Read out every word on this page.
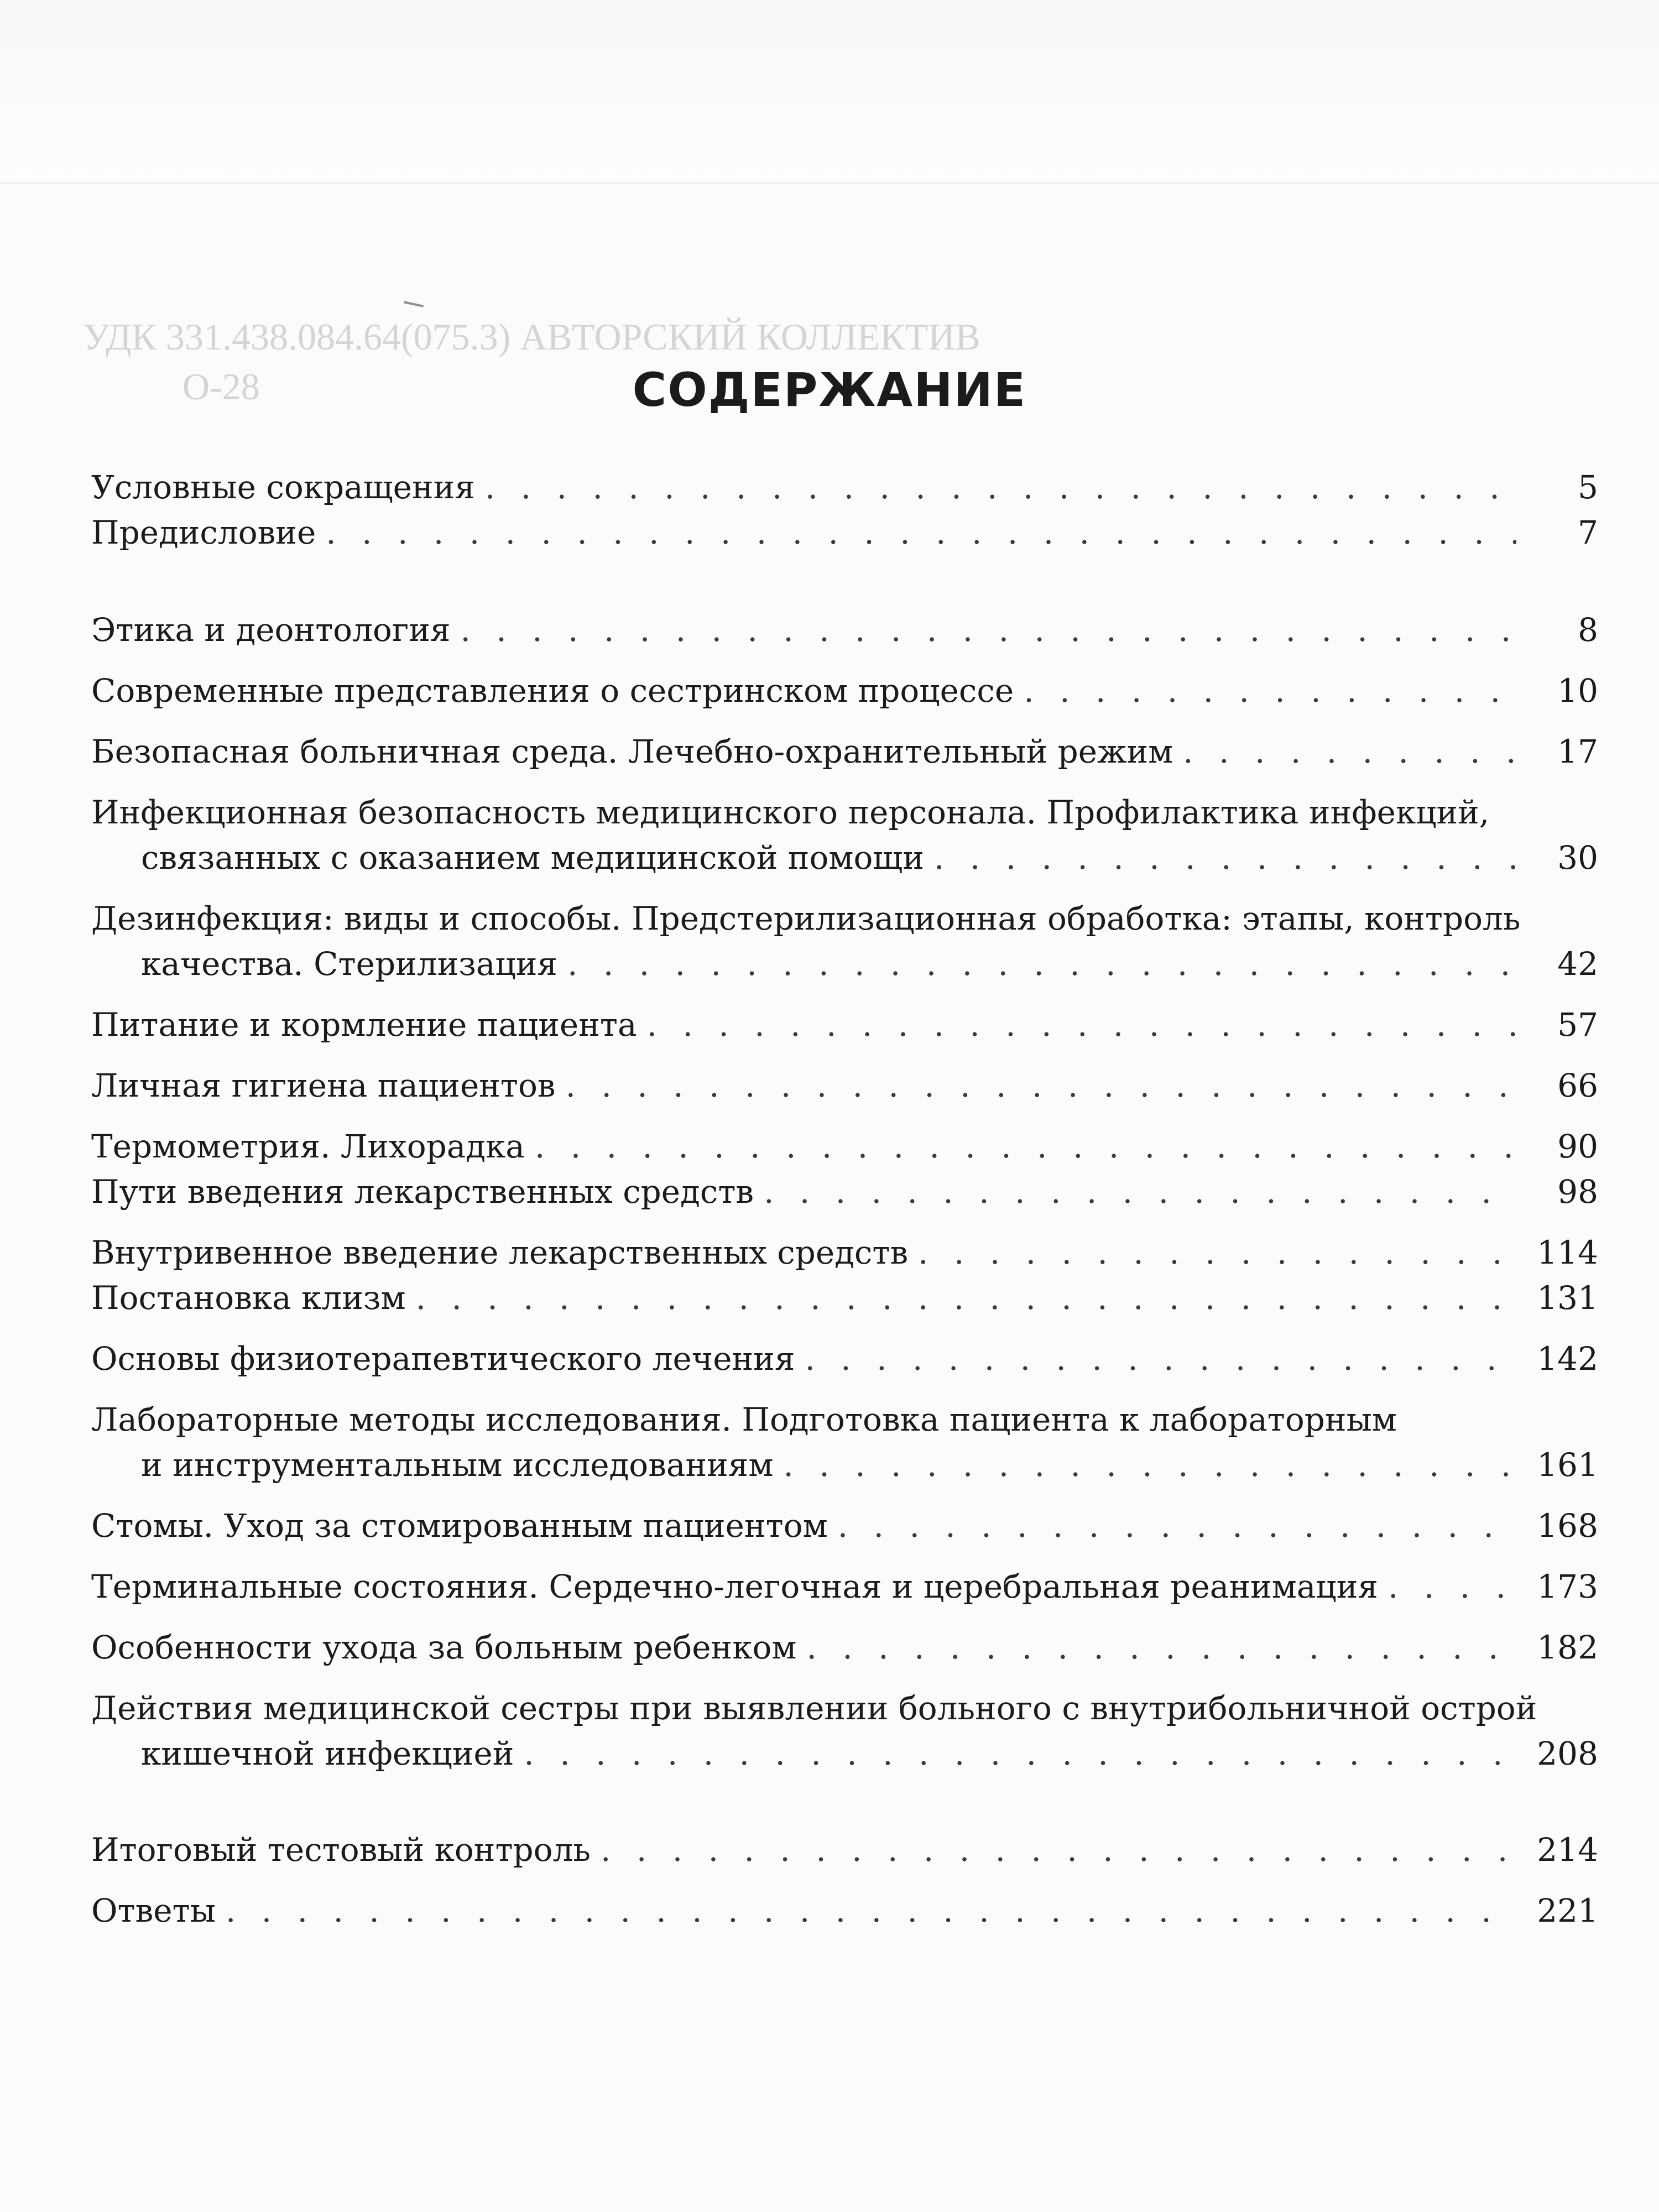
УДК 331.438.084.64(075.3) АВТОРСКИЙ КОЛЛЕКТИВ
О-28	СОДЕРЖАНИЕ
Условные сокращения . . .	5
Предисловие . . .	7
Этика и деонтология . . .	8
Современные представления о сестринском процессе . . .	10
Безопасная больничная среда. Лечебно-охранительный режим . . .	17
Инфекционная безопасность медицинского персонала. Профилактика инфекций,
связанных с оказанием медицинской помощи . . .	30
Дезинфекция: виды и способы. Предстерилизационная обработка: этапы, контроль
качества. Стерилизация . . .	42
Питание и кормление пациента . . .	57
Личная гигиена пациентов . . .	66
Термометрия. Лихорадка . . .	90
Пути введения лекарственных средств . . .	98
Внутривенное введение лекарственных средств . . .	114
Постановка клизм . . .	131
Основы физиотерапевтического лечения . . .	142
Лабораторные методы исследования. Подготовка пациента к лабораторным
и инструментальным исследованиям . . .	161
Стомы. Уход за стомированным пациентом . . .	168
Терминальные состояния. Сердечно-легочная и церебральная реанимация . . .	173
Особенности ухода за больным ребенком . . .	182
Действия медицинской сестры при выявлении больного с внутрибольничной острой
кишечной инфекцией . . .	208
Итоговый тестовый контроль . . .	214
Ответы . . .	221
